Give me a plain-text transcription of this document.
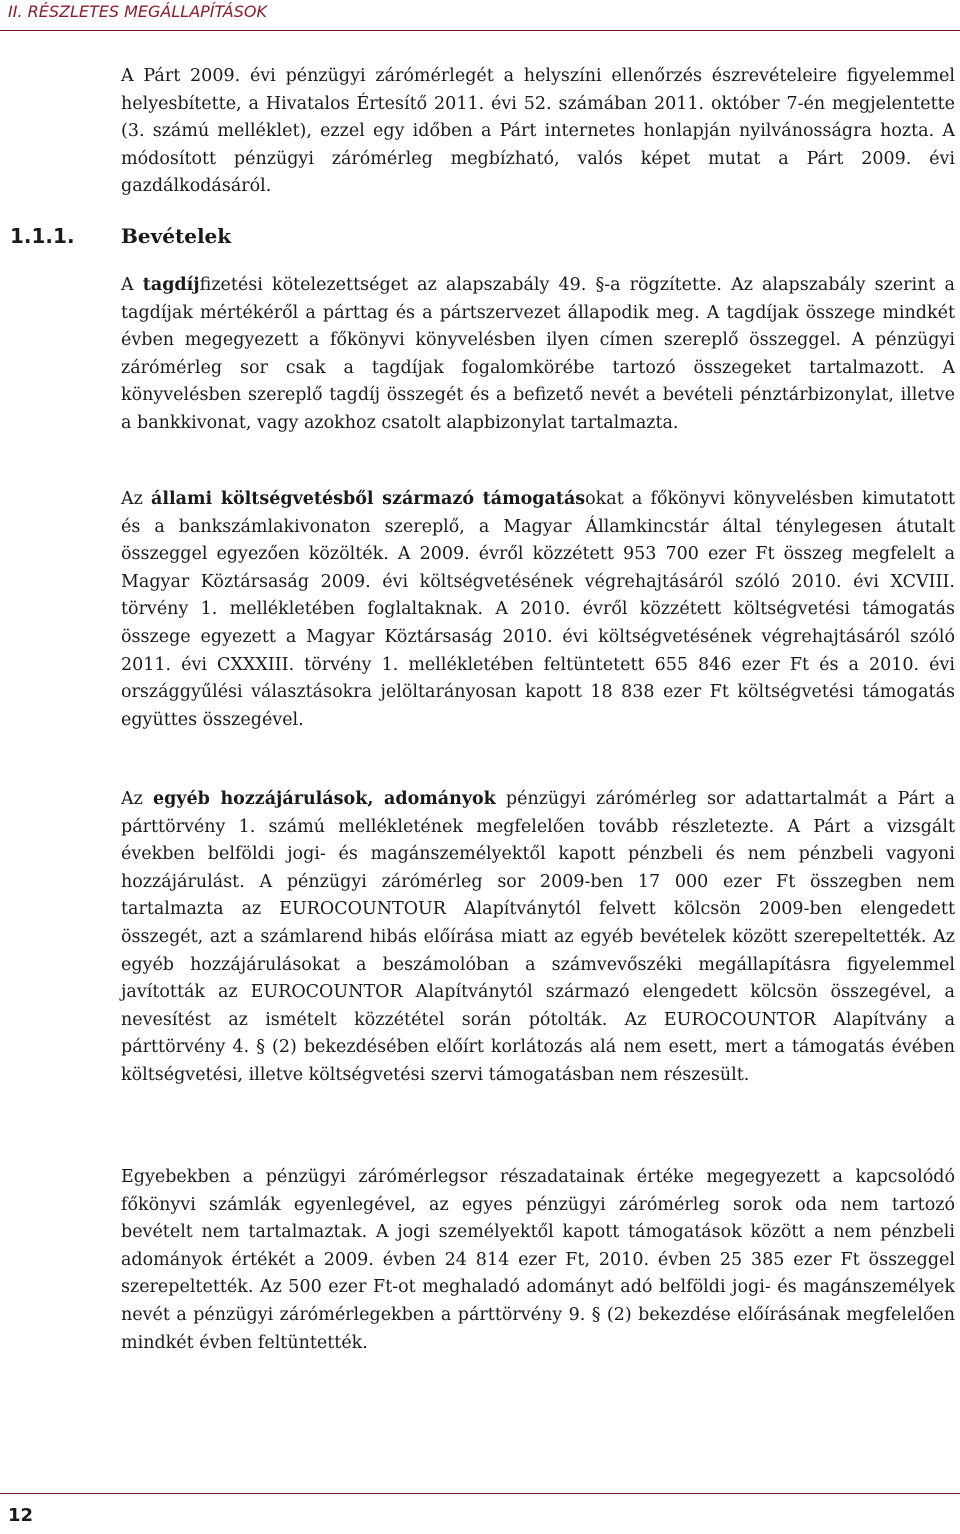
II. RÉSZLETES MEGÁLLAPÍTÁSOK

A Párt 2009. évi pénzügyi zárómérlegét a helyszíni ellenőrzés észrevételeire figyelemmel helyesbítette, a Hivatalos Értesítő 2011. évi 52. számában 2011. október 7-én megjelentette (3. számú melléklet), ezzel egy időben a Párt internetes honlapján nyilvánosságra hozta. A módosított pénzügyi zárómérleg megbízható, valós képet mutat a Párt 2009. évi gazdálkodásáról.

1.1.1. Bevételek

A tagdíjfizetési kötelezettséget az alapszabály 49. §-a rögzítette. Az alapszabály szerint a tagdíjak mértékéről a párttag és a pártszervezet állapodik meg. A tagdíjak összege mindkét évben megegyezett a főkönyvi könyvelésben ilyen címen szereplő összeggel. A pénzügyi zárómérleg sor csak a tagdíjak fogalomkörébe tartozó összegeket tartalmazott. A könyvelésben szereplő tagdíj összegét és a befizető nevét a bevételi pénztárbizonylat, illetve a bankkivonat, vagy azokhoz csatolt alapbizonylat tartalmazta.

Az állami költségvetésből származó támogatásokat a főkönyvi könyvelésben kimutatott és a bankszámlakivonaton szereplő, a Magyar Államkincstár által ténylegesen átutalt összeggel egyezően közölték. A 2009. évről közzétett 953 700 ezer Ft összeg megfelelt a Magyar Köztársaság 2009. évi költségvetésének végrehajtásáról szóló 2010. évi XCVIII. törvény 1. mellékletében foglaltaknak. A 2010. évről közzétett költségvetési támogatás összege egyezett a Magyar Köztársaság 2010. évi költségvetésének végrehajtásáról szóló 2011. évi CXXXIII. törvény 1. mellékletében feltüntetett 655 846 ezer Ft és a 2010. évi országgyűlési választásokra jelöltarányosan kapott 18 838 ezer Ft költségvetési támogatás együttes összegével.

Az egyéb hozzájárulások, adományok pénzügyi zárómérleg sor adattartalmát a Párt a párttörvény 1. számú mellékletének megfelelően tovább részletezte. A Párt a vizsgált években belföldi jogi- és magánszemélyektől kapott pénzbeli és nem pénzbeli vagyoni hozzájárulást. A pénzügyi zárómérleg sor 2009-ben 17 000 ezer Ft összegben nem tartalmazta az EUROCOUNTOUR Alapítványtól felvett kölcsön 2009-ben elengedett összegét, azt a számlarend hibás előírása miatt az egyéb bevételek között szerepeltették. Az egyéb hozzájárulásokat a beszámolóban a számvevőszéki megállapításra figyelemmel javították az EUROCOUNTOR Alapítványtól származó elengedett kölcsön összegével, a nevesítést az ismételt közzététel során pótolták. Az EUROCOUNTOR Alapítvány a párttörvény 4. § (2) bekezdésében előírt korlátozás alá nem esett, mert a támogatás évében költségvetési, illetve költségvetési szervi támogatásban nem részesült.

Egyebekben a pénzügyi zárómérlegsor részadatainak értéke megegyezett a kapcsolódó főkönyvi számlák egyenlegével, az egyes pénzügyi zárómérleg sorok oda nem tartozó bevételt nem tartalmaztak. A jogi személyektől kapott támogatások között a nem pénzbeli adományok értékét a 2009. évben 24 814 ezer Ft, 2010. évben 25 385 ezer Ft összeggel szerepeltették. Az 500 ezer Ft-ot meghaladó adományt adó belföldi jogi- és magánszemélyek nevét a pénzügyi zárómérlegekben a párttörvény 9. § (2) bekezdése előírásának megfelelően mindkét évben feltüntették.

12
